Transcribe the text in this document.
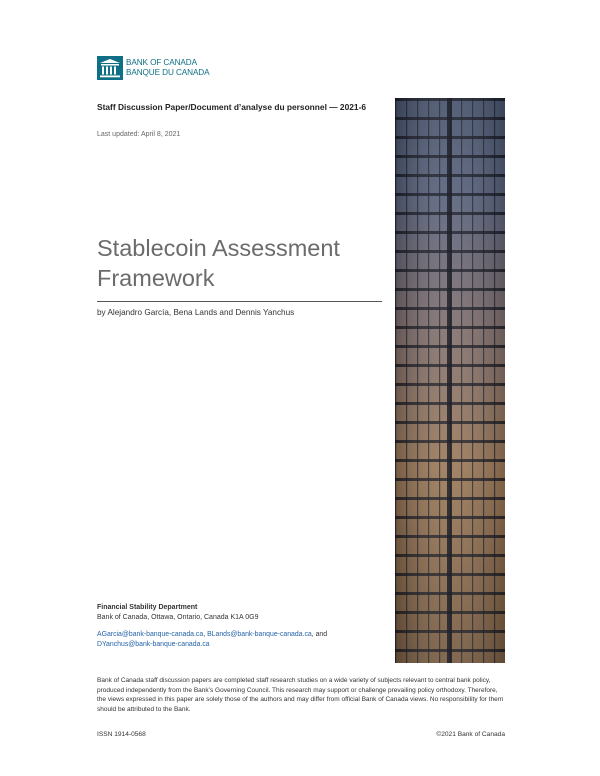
BANK OF CANADA
BANQUE DU CANADA
Staff Discussion Paper/Document d’analyse du personnel — 2021-6
Last updated: April 8, 2021
Stablecoin Assessment
Framework
by Alejandro García, Bena Lands and Dennis Yanchus
Financial Stability Department
Bank of Canada, Ottawa, Ontario, Canada K1A 0G9
AGarcia@bank-banque-canada.ca, BLands@bank-banque-canada.ca, and
DYanchus@bank-banque-canada.ca
Bank of Canada staff discussion papers are completed staff research studies on a wide variety of subjects relevant to central bank policy, produced independently from the Bank’s Governing Council. This research may support or challenge prevailing policy orthodoxy. Therefore, the views expressed in this paper are solely those of the authors and may differ from official Bank of Canada views. No responsibility for them should be attributed to the Bank.
ISSN 1914-0568	©2021 Bank of Canada
